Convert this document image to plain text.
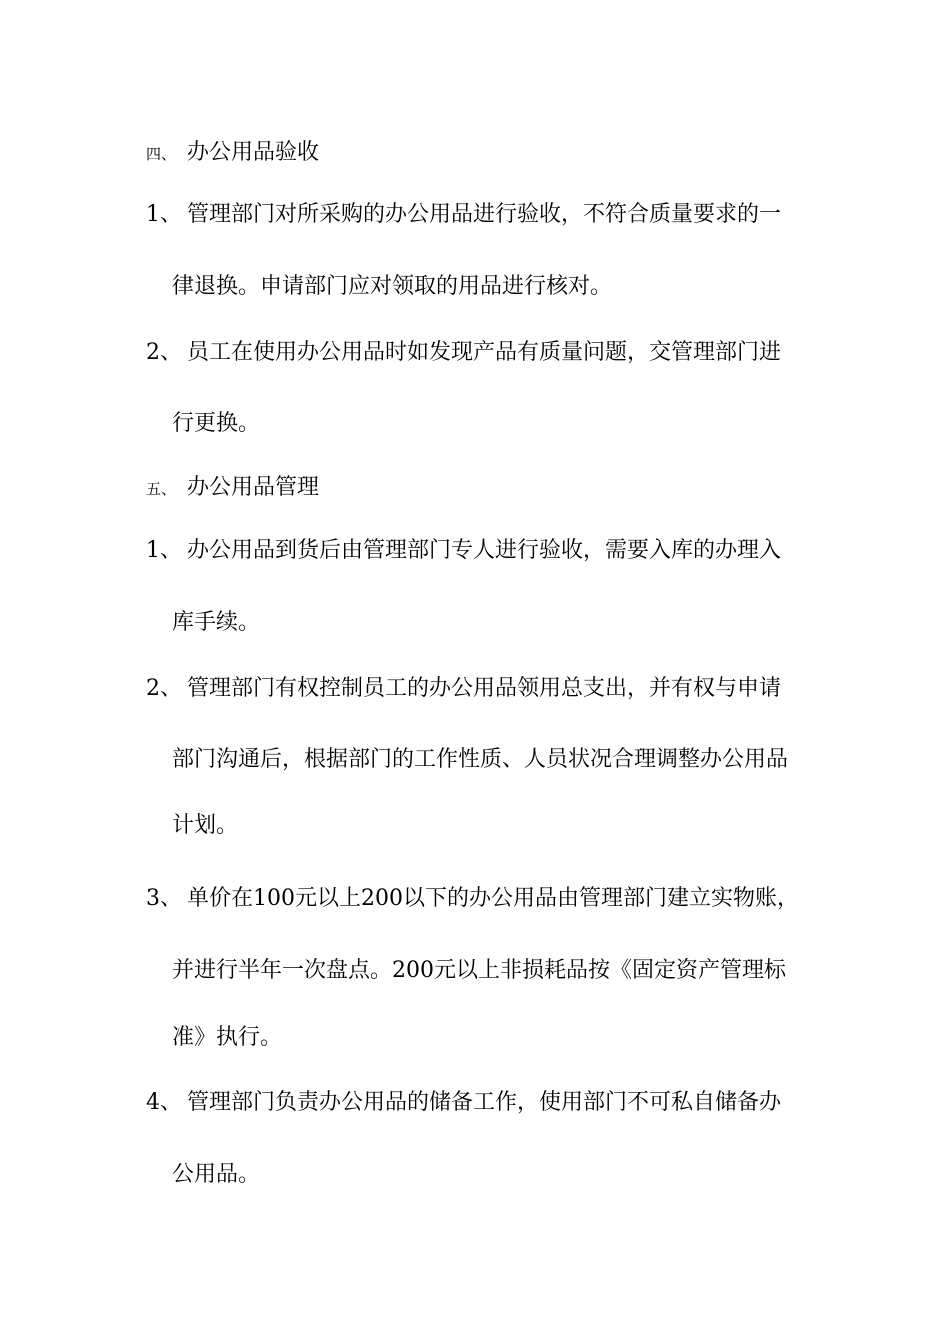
四、 办公用品验收
1、 管理部门对所采购的办公用品进行验收，不符合质量要求的一
律退换。申请部门应对领取的用品进行核对。
2、 员工在使用办公用品时如发现产品有质量问题，交管理部门进
行更换。
五、 办公用品管理
1、 办公用品到货后由管理部门专人进行验收，需要入库的办理入
库手续。
2、 管理部门有权控制员工的办公用品领用总支出，并有权与申请
部门沟通后，根据部门的工作性质、人员状况合理调整办公用品
计划。
3、 单价在100元以上200以下的办公用品由管理部门建立实物账，
并进行半年一次盘点。200元以上非损耗品按《固定资产管理标
准》执行。
4、 管理部门负责办公用品的储备工作，使用部门不可私自储备办
公用品。
